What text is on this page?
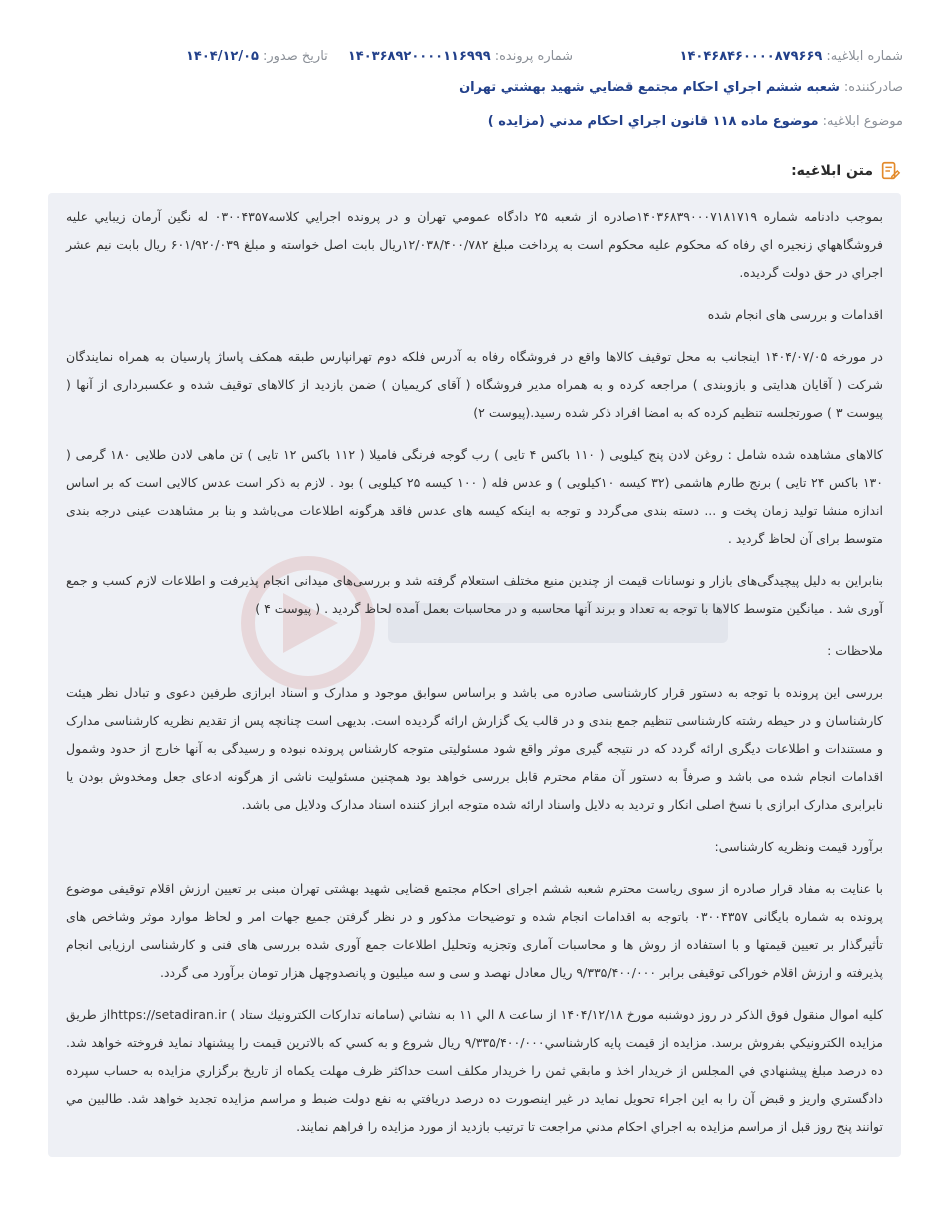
شماره ابلاغیه:
۱۴۰۴۶۸۴۶۰۰۰۰۸۷۹۶۶۹
شماره پرونده:
۱۴۰۳۶۸۹۲۰۰۰۰۱۱۶۹۹۹
تاریخ صدور:
۱۴۰۴/۱۲/۰۵
صادرکننده:
شعبه ششم اجراي احكام مجتمع قضايي شهيد بهشتي تهران
موضوع ابلاغیه:
موضوع ماده ۱۱۸ قانون اجراي احكام مدني (مزايده )
متن ابلاغیه:

بموجب دادنامه شماره ۱۴۰۳۶۸۳۹۰۰۰۷۱۸۱۷۱۹صادره از شعبه ۲۵ دادگاه عمومي تهران و در پرونده اجرايي كلاسه۰۳۰۰۴۳۵۷ له نگين آرمان زيبايي عليه فروشگاههاي زنجيره اي رفاه كه محكوم عليه محكوم است به پرداخت مبلغ ۱۲/۰۳۸/۴۰۰/۷۸۲ريال بابت اصل خواسته و مبلغ ۶۰۱/۹۲۰/۰۳۹ ريال بابت نيم عشر اجراي در حق دولت گرديده.

اقدامات و بررسی های انجام شده

در مورخه ۱۴۰۴/۰۷/۰۵ اینجانب به محل توقیف کالاها واقع در فروشگاه رفاه به آدرس فلکه دوم تهرانپارس طبقه همکف پاساژ پارسیان به همراه نمایندگان شرکت ( آقایان هدایتی و بازوبندی ) مراجعه کرده و به همراه مدیر فروشگاه ( آقای کریمیان ) ضمن بازدید از کالاهای توقیف شده و عکسبرداری از آنها ( پیوست ۳ ) صورتجلسه تنظیم کرده که به امضا افراد ذکر شده رسید.(پیوست ۲)

کالاهای مشاهده شده شامل : روغن لادن پنج کیلویی ( ۱۱۰ باکس ۴ تایی ) رب گوجه فرنگی فامیلا ( ۱۱۲ باکس ۱۲ تایی ) تن ماهی لادن طلایی ۱۸۰ گرمی ( ۱۳۰ باکس ۲۴ تایی ) برنج طارم هاشمی (۳۲ کیسه ۱۰کیلویی ) و عدس فله ( ۱۰۰ کیسه ۲۵ کیلویی ) بود . لازم به ذکر است عدس کالایی است که بر اساس اندازه منشا تولید زمان پخت و ... دسته بندی می‌گردد و توجه به اینکه کیسه های عدس فاقد هرگونه اطلاعات می‌باشد و بنا بر مشاهدت عینی درجه بندی متوسط برای آن لحاظ گردید .

بنابراین به دلیل پیچیدگی‌های بازار و نوسانات قیمت از چندین منبع مختلف استعلام گرفته شد و بررسی‌های میدانی انجام پذیرفت و اطلاعات لازم کسب و جمع آوری شد . میانگین متوسط کالاها با توجه به تعداد و برند آنها محاسبه و در محاسبات بعمل آمده لحاظ گردید . ( پیوست ۴ )

ملاحظات :

بررسی این پرونده با توجه به دستور قرار کارشناسی صادره می باشد و براساس سوابق موجود و مدارک و اسناد ابرازی طرفین دعوی و تبادل نظر هیئت کارشناسان و در حیطه رشته کارشناسی تنظیم جمع بندی و در قالب یک گزارش ارائه گردیده است. بدیهی است چنانچه پس از تقدیم نظریه کارشناسی مدارک و مستندات و اطلاعات دیگری ارائه گردد که در نتیجه گیری موثر واقع شود مسئولیتی متوجه کارشناس پرونده نبوده و رسیدگی به آنها خارج از حدود وشمول اقدامات انجام شده می باشد و صرفاً به دستور آن مقام محترم قابل بررسی خواهد بود همچنین مسئولیت ناشی از هرگونه ادعای جعل ومخدوش بودن یا نابرابری مدارک ابرازی با نسخ اصلی انکار و تردید به دلایل واسناد ارائه شده متوجه ابراز کننده اسناد مدارک ودلایل می باشد.

برآورد قیمت ونظریه کارشناسی:

با عنایت به مفاد قرار صادره از سوی ریاست محترم شعبه ششم اجرای احکام مجتمع قضایی شهید بهشتی تهران مبنی بر تعیین ارزش اقلام توقیفی موضوع پرونده به شماره بایگانی ۰۳۰۰۴۳۵۷ باتوجه به اقدامات انجام شده و توضیحات مذکور و در نظر گرفتن جمیع جهات امر و لحاظ موارد موثر وشاخص های تأثیرگذار بر تعیین قیمتها و با استفاده از روش ها و محاسبات آماری وتجزیه وتحلیل اطلاعات جمع آوری شده بررسی های فنی و کارشناسی ارزیابی انجام پذیرفته و ارزش اقلام خوراکی توقیفی برابر ۹/۳۳۵/۴۰۰/۰۰۰ ریال معادل نهصد و سی و سه میلیون و پانصدوچهل هزار تومان برآورد می گردد.

كليه اموال منقول فوق الذكر در روز دوشنبه مورخ ۱۴۰۴/۱۲/۱۸ از ساعت ۸ الي ۱۱ به نشاني (سامانه تداركات الكترونيك ستاد ) https://setadiran.irاز طريق مزايده الكترونيكي بفروش برسد. مزايده از قيمت پايه كارشناسي۹/۳۳۵/۴۰۰/۰۰۰ ريال شروع و به كسي كه بالاترين قيمت را پيشنهاد نمايد فروخته خواهد شد. ده درصد مبلغ پيشنهادي في المجلس از خريدار اخذ و مابقي ثمن را خريدار مكلف است حداكثر ظرف مهلت يكماه از تاريخ برگزاري مزايده به حساب سپرده دادگستري واريز و قبض آن را به اين اجراء تحويل نمايد در غير اينصورت ده درصد دريافتي به نفع دولت ضبط و مراسم مزايده تجديد خواهد شد. طالبين مي توانند پنج روز قبل از مراسم مزايده به اجراي احكام مدني مراجعت تا ترتيب بازديد از مورد مزايده را فراهم نمايند.
